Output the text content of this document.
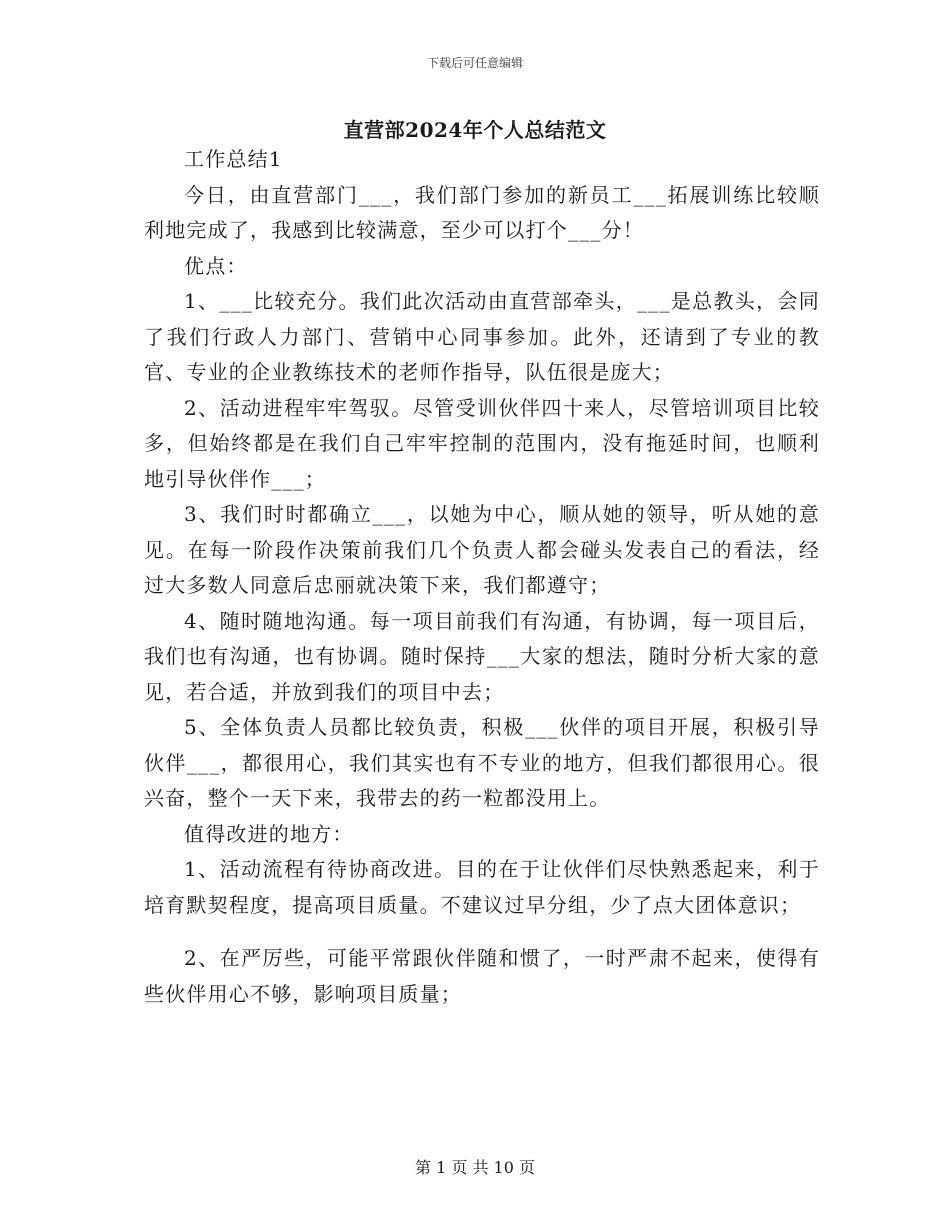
下载后可任意编辑
直营部2024年个人总结范文

工作总结1

今日，由直营部门___，我们部门参加的新员工___拓展训练比较顺利地完成了，我感到比较满意，至少可以打个___分！

优点：

1、___比较充分。我们此次活动由直营部牵头，___是总教头，会同了我们行政人力部门、营销中心同事参加。此外，还请到了专业的教官、专业的企业教练技术的老师作指导，队伍很是庞大；

2、活动进程牢牢驾驭。尽管受训伙伴四十来人，尽管培训项目比较多，但始终都是在我们自己牢牢控制的范围内，没有拖延时间，也顺利地引导伙伴作___；

3、我们时时都确立___，以她为中心，顺从她的领导，听从她的意见。在每一阶段作决策前我们几个负责人都会碰头发表自己的看法，经过大多数人同意后忠丽就决策下来，我们都遵守；

4、随时随地沟通。每一项目前我们有沟通，有协调，每一项目后，我们也有沟通，也有协调。随时保持___大家的想法，随时分析大家的意见，若合适，并放到我们的项目中去；

5、全体负责人员都比较负责，积极___伙伴的项目开展，积极引导伙伴___，都很用心，我们其实也有不专业的地方，但我们都很用心。很兴奋，整个一天下来，我带去的药一粒都没用上。

值得改进的地方：

1、活动流程有待协商改进。目的在于让伙伴们尽快熟悉起来，利于培育默契程度，提高项目质量。不建议过早分组，少了点大团体意识；

2、在严厉些，可能平常跟伙伴随和惯了，一时严肃不起来，使得有些伙伴用心不够，影响项目质量；

第 1 页 共 10 页
